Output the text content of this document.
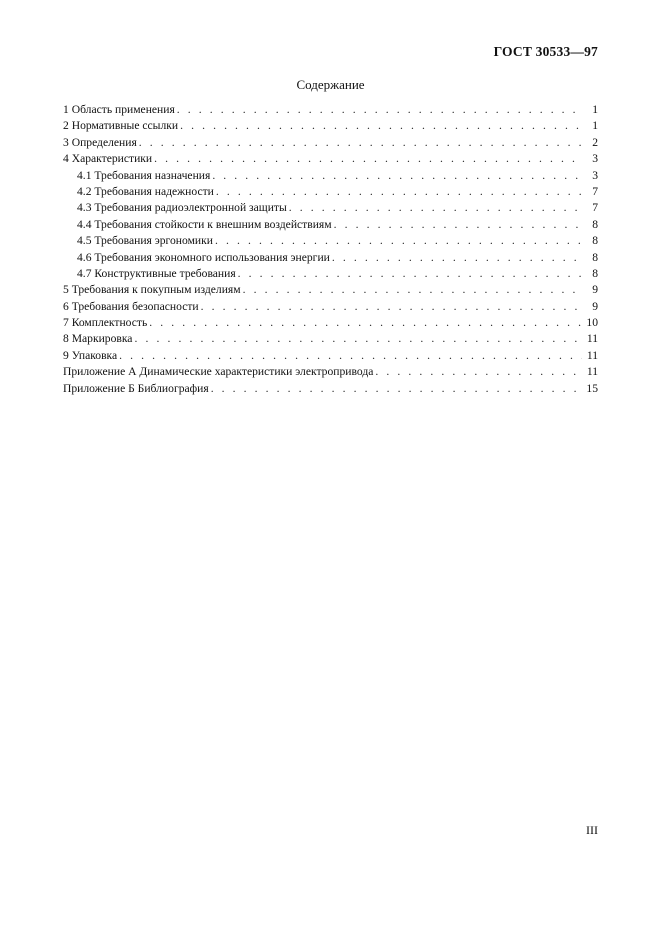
ГОСТ 30533—97
Содержание
1 Область применения . . .	1
2 Нормативные ссылки . . .	1
3 Определения . . .	2
4 Характеристики . . .	3
4.1 Требования назначения . . .	3
4.2 Требования надежности . . .	7
4.3 Требования радиоэлектронной защиты . . .	7
4.4 Требования стойкости к внешним воздействиям . . .	8
4.5 Требования эргономики . . .	8
4.6 Требования экономного использования энергии . . .	8
4.7 Конструктивные требования . . .	8
5 Требования к покупным изделиям . . .	9
6 Требования безопасности . . .	9
7 Комплектность . . .	10
8 Маркировка . . .	11
9 Упаковка . . .	11
Приложение А Динамические характеристики электропривода . . .	11
Приложение Б Библиография . . .	15
III
